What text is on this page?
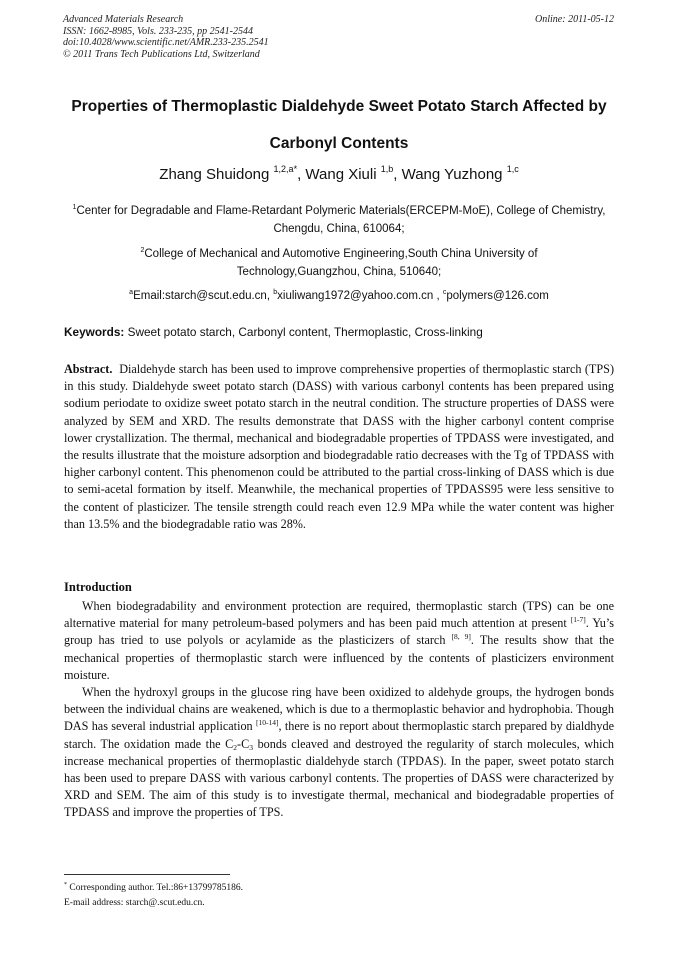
Advanced Materials Research
ISSN: 1662-8985, Vols. 233-235, pp 2541-2544
doi:10.4028/www.scientific.net/AMR.233-235.2541
© 2011 Trans Tech Publications Ltd, Switzerland
Online: 2011-05-12
Properties of Thermoplastic Dialdehyde Sweet Potato Starch Affected by Carbonyl Contents
Zhang Shuidong $^{1,2,a*}$, Wang Xiuli $^{1,b}$, Wang Yuzhong $^{1,c}$
$^1$Center for Degradable and Flame-Retardant Polymeric Materials(ERCEPM-MoE), College of Chemistry, Chengdu, China, 610064;
$^2$College of Mechanical and Automotive Engineering,South China University of Technology,Guangzhou, China, 510640;
$^a$Email:starch@scut.edu.cn, $^b$xiuliwang1972@yahoo.com.cn , $^c$polymers@126.com
Keywords: Sweet potato starch, Carbonyl content, Thermoplastic, Cross-linking

Abstract. Dialdehyde starch has been used to improve comprehensive properties of thermoplastic starch (TPS) in this study. Dialdehyde sweet potato starch (DASS) with various carbonyl contents has been prepared using sodium periodate to oxidize sweet potato starch in the neutral condition. The structure properties of DASS were analyzed by SEM and XRD. The results demonstrate that DASS with the higher carbonyl content comprise lower crystallization. The thermal, mechanical and biodegradable properties of TPDASS were investigated, and the results illustrate that the moisture adsorption and biodegradable ratio decreases with the Tg of TPDASS with higher carbonyl content. This phenomenon could be attributed to the partial cross-linking of DASS which is due to semi-acetal formation by itself. Meanwhile, the mechanical properties of TPDASS95 were less sensitive to the content of plasticizer. The tensile strength could reach even 12.9 MPa while the water content was higher than 13.5% and the biodegradable ratio was 28%.

Introduction

When biodegradability and environment protection are required, thermoplastic starch (TPS) can be one alternative material for many petroleum-based polymers and has been paid much attention at present [1-7]. Yu’s group has tried to use polyols or acylamide as the plasticizers of starch [8, 9]. The results show that the mechanical properties of thermoplastic starch were influenced by the contents of plasticizers environment moisture.

When the hydroxyl groups in the glucose ring have been oxidized to aldehyde groups, the hydrogen bonds between the individual chains are weakened, which is due to a thermoplastic behavior and hydrophobia. Though DAS has several industrial application [10-14], there is no report about thermoplastic starch prepared by dialdhyde starch. The oxidation made the $C_2-C_3$ bonds cleaved and destroyed the regularity of starch molecules, which increase mechanical properties of thermoplastic dialdehyde starch (TPDAS). In the paper, sweet potato starch has been used to prepare DASS with various carbonyl contents. The properties of DASS were characterized by XRD and SEM. The aim of this study is to investigate thermal, mechanical and biodegradable properties of TPDASS and improve the properties of TPS.

* Corresponding author. Tel.:86+13799785186.
E-mail address: starch@.scut.edu.cn.
